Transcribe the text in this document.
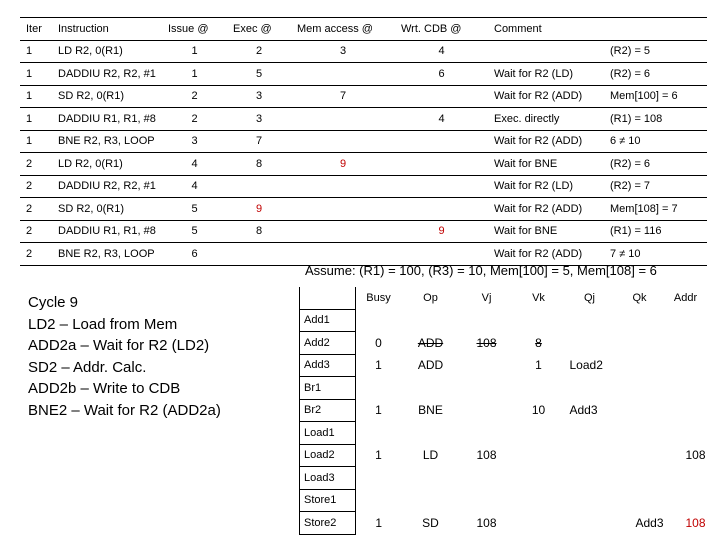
Iter	Instruction	Issue @	Exec @	Mem access @	Wrt. CDB @	Comment	
1	LD R2, 0(R1)	1	2	3	4		(R2) = 5
1	DADDIU R2, R2, #1	1	5		6	Wait for R2 (LD)	(R2) = 6
1	SD R2, 0(R1)	2	3	7		Wait for R2 (ADD)	Mem[100] = 6
1	DADDIU R1, R1, #8	2	3		4	Exec. directly	(R1) = 108
1	BNE R2, R3, LOOP	3	7			Wait for R2 (ADD)	6 ≠ 10
2	LD R2, 0(R1)	4	8	9		Wait for BNE	(R2) = 6
2	DADDIU R2, R2, #1	4				Wait for R2 (LD)	(R2) = 7
2	SD R2, 0(R1)	5	9			Wait for R2 (ADD)	Mem[108] = 7
2	DADDIU R1, R1, #8	5	8		9	Wait for BNE	(R1) = 116
2	BNE R2, R3, LOOP	6				Wait for R2 (ADD)	7 ≠ 10
Assume: (R1) = 100, (R3) = 10, Mem[100] = 5, Mem[108] = 6
Cycle 9
LD2 – Load from Mem
ADD2a – Wait for R2 (LD2)
SD2 – Addr. Calc.
ADD2b – Write to CDB
BNE2 – Wait for R2 (ADD2a)
	Busy	Op	Vj	Vk	Qj	Qk	Addr
Add1							
Add2	0	ADD	108	8			
Add3	1	ADD		1	Load2		
Br1							
Br2	1	BNE		10	Add3		
Load1							
Load2	1	LD	108				108
Load3							
Store1							
Store2	1	SD	108			Add3	108
